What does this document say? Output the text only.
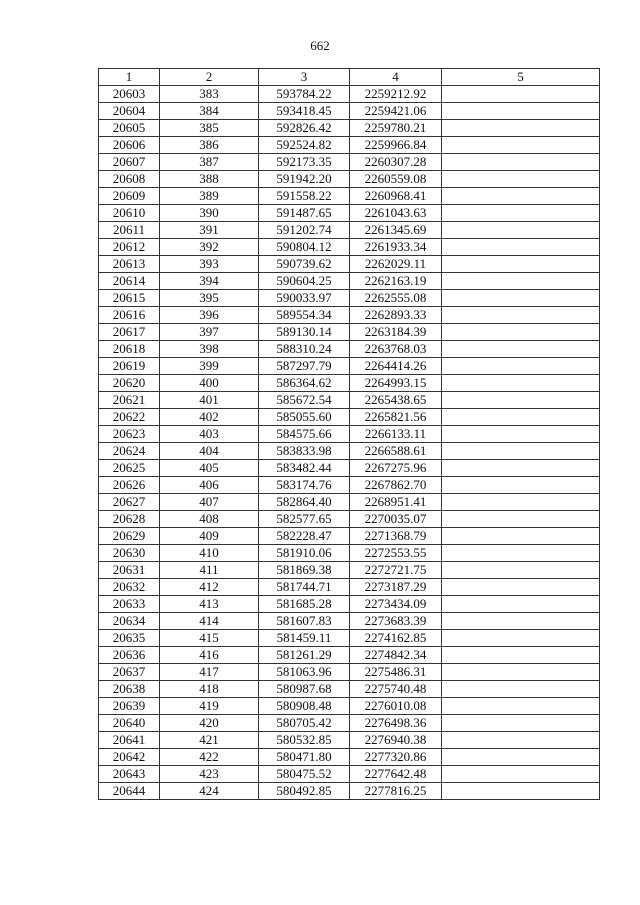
662
1	2	3	4	5
20603	383	593784.22	2259212.92	
20604	384	593418.45	2259421.06	
20605	385	592826.42	2259780.21	
20606	386	592524.82	2259966.84	
20607	387	592173.35	2260307.28	
20608	388	591942.20	2260559.08	
20609	389	591558.22	2260968.41	
20610	390	591487.65	2261043.63	
20611	391	591202.74	2261345.69	
20612	392	590804.12	2261933.34	
20613	393	590739.62	2262029.11	
20614	394	590604.25	2262163.19	
20615	395	590033.97	2262555.08	
20616	396	589554.34	2262893.33	
20617	397	589130.14	2263184.39	
20618	398	588310.24	2263768.03	
20619	399	587297.79	2264414.26	
20620	400	586364.62	2264993.15	
20621	401	585672.54	2265438.65	
20622	402	585055.60	2265821.56	
20623	403	584575.66	2266133.11	
20624	404	583833.98	2266588.61	
20625	405	583482.44	2267275.96	
20626	406	583174.76	2267862.70	
20627	407	582864.40	2268951.41	
20628	408	582577.65	2270035.07	
20629	409	582228.47	2271368.79	
20630	410	581910.06	2272553.55	
20631	411	581869.38	2272721.75	
20632	412	581744.71	2273187.29	
20633	413	581685.28	2273434.09	
20634	414	581607.83	2273683.39	
20635	415	581459.11	2274162.85	
20636	416	581261.29	2274842.34	
20637	417	581063.96	2275486.31	
20638	418	580987.68	2275740.48	
20639	419	580908.48	2276010.08	
20640	420	580705.42	2276498.36	
20641	421	580532.85	2276940.38	
20642	422	580471.80	2277320.86	
20643	423	580475.52	2277642.48	
20644	424	580492.85	2277816.25	
